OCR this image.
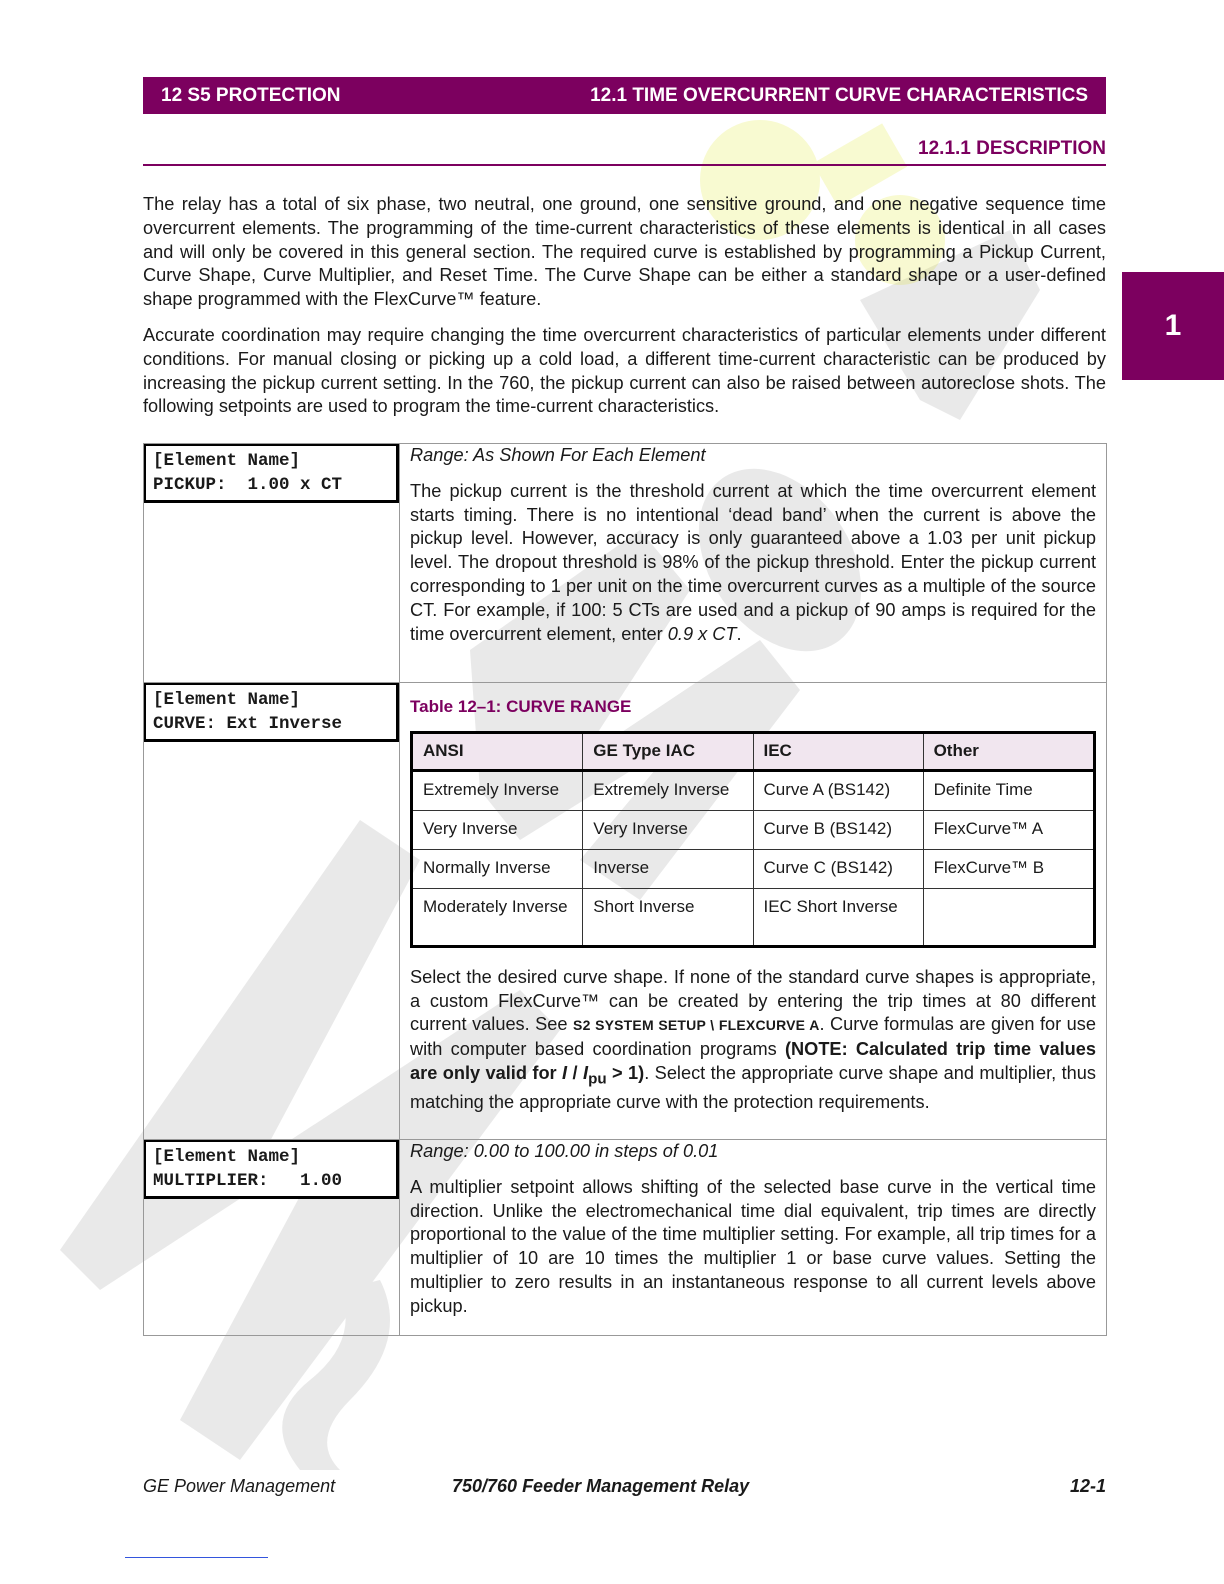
12 S5 PROTECTION	12.1 TIME OVERCURRENT CURVE CHARACTERISTICS
12.1.1 DESCRIPTION
1

The relay has a total of six phase, two neutral, one ground, one sensitive ground, and one negative sequence time overcurrent elements. The programming of the time-current characteristics of these elements is identical in all cases and will only be covered in this general section. The required curve is established by programming a Pickup Current, Curve Shape, Curve Multiplier, and Reset Time. The Curve Shape can be either a standard shape or a user-defined shape programmed with the FlexCurve™ feature.

Accurate coordination may require changing the time overcurrent characteristics of particular elements under different conditions. For manual closing or picking up a cold load, a different time-current characteristic can be produced by increasing the pickup current setting. In the 760, the pickup current can also be raised between autoreclose shots. The following setpoints are used to program the time-current characteristics.

[Element Name]
PICKUP:  1.00 x CT

Range: As Shown For Each Element

The pickup current is the threshold current at which the time overcurrent element starts timing. There is no intentional ‘dead band’ when the current is above the pickup level. However, accuracy is only guaranteed above a 1.03 per unit pickup level. The dropout threshold is 98% of the pickup threshold. Enter the pickup current corresponding to 1 per unit on the time overcurrent curves as a multiple of the source CT. For example, if 100: 5 CTs are used and a pickup of 90 amps is required for the time overcurrent element, enter 0.9 x CT.

[Element Name]
CURVE: Ext Inverse

Table 12–1: CURVE RANGE
ANSI	GE Type IAC	IEC	Other
Extremely Inverse	Extremely Inverse	Curve A (BS142)	Definite Time
Very Inverse	Very Inverse	Curve B (BS142)	FlexCurve™ A
Normally Inverse	Inverse	Curve C (BS142)	FlexCurve™ B
Moderately Inverse	Short Inverse	IEC Short Inverse	

Select the desired curve shape. If none of the standard curve shapes is appropriate, a custom FlexCurve™ can be created by entering the trip times at 80 different current values. See S2 SYSTEM SETUP \ FLEXCURVE A. Curve formulas are given for use with computer based coordination programs (NOTE: Calculated trip time values are only valid for $I / I_{pu} > 1$). Select the appropriate curve shape and multiplier, thus matching the appropriate curve with the protection requirements.

[Element Name]
MULTIPLIER:   1.00

Range: 0.00 to 100.00 in steps of 0.01

A multiplier setpoint allows shifting of the selected base curve in the vertical time direction. Unlike the electromechanical time dial equivalent, trip times are directly proportional to the value of the time multiplier setting. For example, all trip times for a multiplier of 10 are 10 times the multiplier 1 or base curve values. Setting the multiplier to zero results in an instantaneous response to all current levels above pickup.

GE Power Management	750/760 Feeder Management Relay	12-1
